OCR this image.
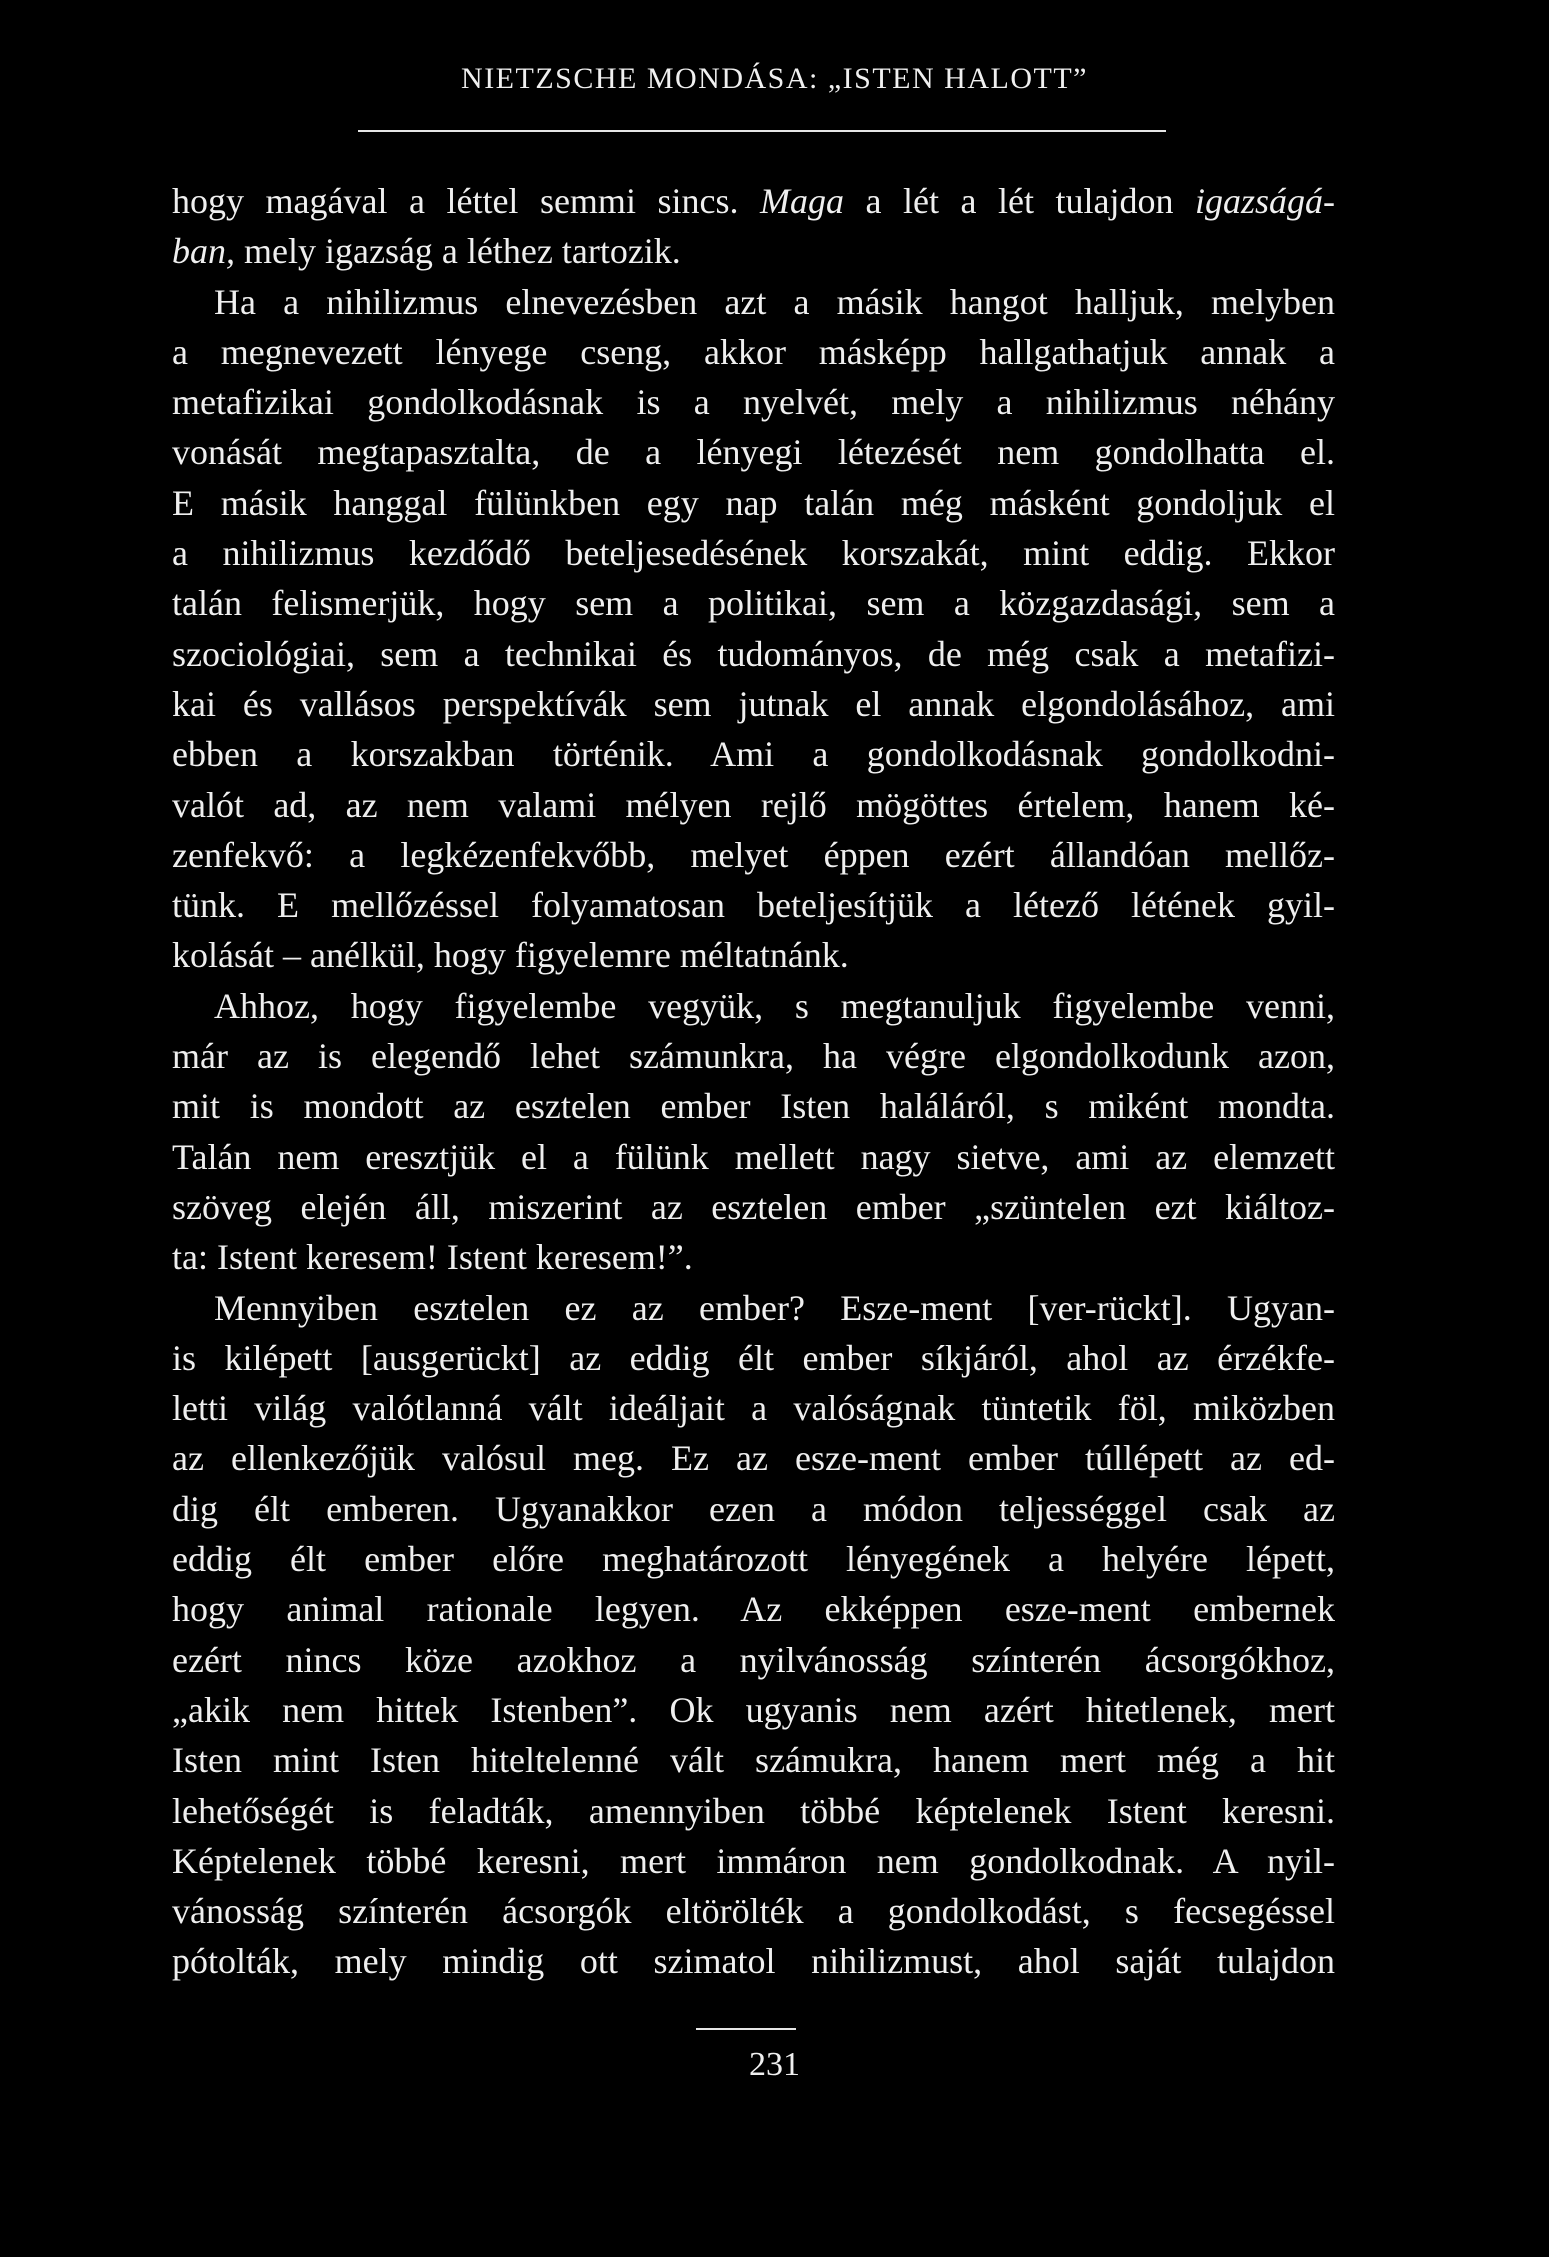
NIETZSCHE MONDÁSA: „ISTEN HALOTT”
hogy magával a léttel semmi sincs. Maga a lét a lét tulajdon igazságá-
ban, mely igazság a léthez tartozik.
Ha a nihilizmus elnevezésben azt a másik hangot halljuk, melyben
a megnevezett lényege cseng, akkor másképp hallgathatjuk annak a
metafizikai gondolkodásnak is a nyelvét, mely a nihilizmus néhány
vonását megtapasztalta, de a lényegi létezését nem gondolhatta el.
E másik hanggal fülünkben egy nap talán még másként gondoljuk el
a nihilizmus kezdődő beteljesedésének korszakát, mint eddig. Ekkor
talán felismerjük, hogy sem a politikai, sem a közgazdasági, sem a
szociológiai, sem a technikai és tudományos, de még csak a metafizi-
kai és vallásos perspektívák sem jutnak el annak elgondolásához, ami
ebben a korszakban történik. Ami a gondolkodásnak gondolkodni-
valót ad, az nem valami mélyen rejlő mögöttes értelem, hanem ké-
zenfekvő: a legkézenfekvőbb, melyet éppen ezért állandóan mellőz-
tünk. E mellőzéssel folyamatosan beteljesítjük a létező létének gyil-
kolását – anélkül, hogy figyelemre méltatnánk.
Ahhoz, hogy figyelembe vegyük, s megtanuljuk figyelembe venni,
már az is elegendő lehet számunkra, ha végre elgondolkodunk azon,
mit is mondott az esztelen ember Isten haláláról, s miként mondta.
Talán nem eresztjük el a fülünk mellett nagy sietve, ami az elemzett
szöveg elején áll, miszerint az esztelen ember „szüntelen ezt kiáltoz-
ta: Istent keresem! Istent keresem!”.
Mennyiben esztelen ez az ember? Esze-ment [ver-rückt]. Ugyan-
is kilépett [ausgerückt] az eddig élt ember síkjáról, ahol az érzékfe-
letti világ valótlanná vált ideáljait a valóságnak tüntetik föl, miközben
az ellenkezőjük valósul meg. Ez az esze-ment ember túllépett az ed-
dig élt emberen. Ugyanakkor ezen a módon teljességgel csak az
eddig élt ember előre meghatározott lényegének a helyére lépett,
hogy animal rationale legyen. Az ekképpen esze-ment embernek
ezért nincs köze azokhoz a nyilvánosság színterén ácsorgókhoz,
„akik nem hittek Istenben”. Ok ugyanis nem azért hitetlenek, mert
Isten mint Isten hiteltelenné vált számukra, hanem mert még a hit
lehetőségét is feladták, amennyiben többé képtelenek Istent keresni.
Képtelenek többé keresni, mert immáron nem gondolkodnak. A nyil-
vánosság színterén ácsorgók eltörölték a gondolkodást, s fecsegéssel
pótolták, mely mindig ott szimatol nihilizmust, ahol saját tulajdon
231
